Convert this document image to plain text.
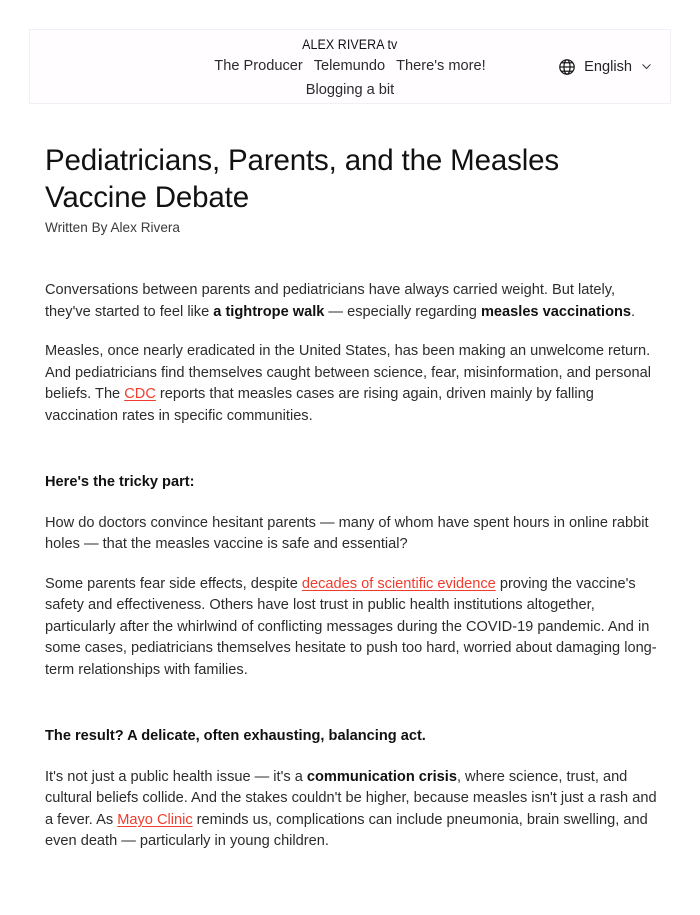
ALEX RIVERA tv
The Producer Telemundo There's more!
Blogging a bit
English
Pediatricians, Parents, and the Measles Vaccine Debate
Written By Alex Rivera

Conversations between parents and pediatricians have always carried weight. But lately, they've started to feel like a tightrope walk — especially regarding measles vaccinations.

Measles, once nearly eradicated in the United States, has been making an unwelcome return. And pediatricians find themselves caught between science, fear, misinformation, and personal beliefs. The CDC reports that measles cases are rising again, driven mainly by falling vaccination rates in specific communities.

Here's the tricky part:

How do doctors convince hesitant parents — many of whom have spent hours in online rabbit holes — that the measles vaccine is safe and essential?

Some parents fear side effects, despite decades of scientific evidence proving the vaccine's safety and effectiveness. Others have lost trust in public health institutions altogether, particularly after the whirlwind of conflicting messages during the COVID-19 pandemic. And in some cases, pediatricians themselves hesitate to push too hard, worried about damaging long-term relationships with families.

The result? A delicate, often exhausting, balancing act.

It's not just a public health issue — it's a communication crisis, where science, trust, and cultural beliefs collide. And the stakes couldn't be higher, because measles isn't just a rash and a fever. As Mayo Clinic reminds us, complications can include pneumonia, brain swelling, and even death — particularly in young children.
